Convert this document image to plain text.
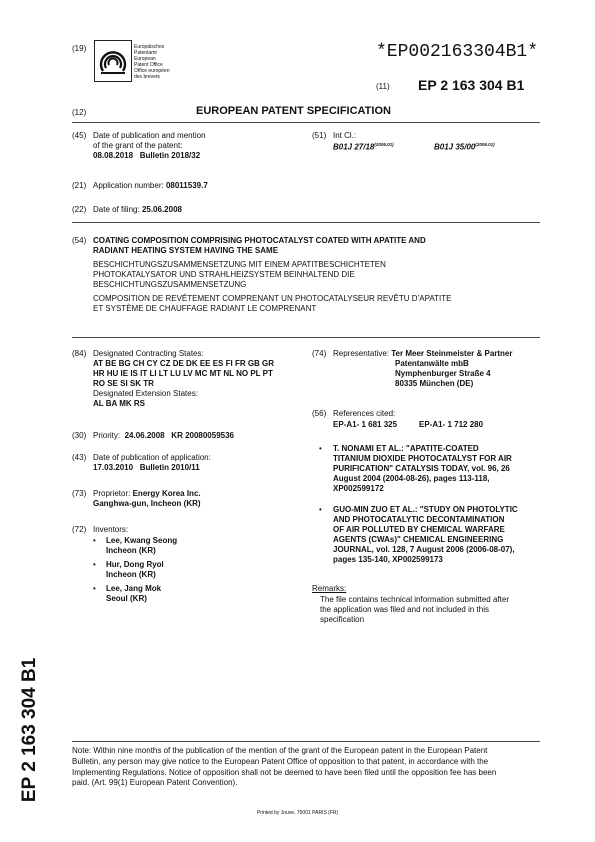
(19)	Europäisches
Patentamt
European
Patent Office
Office européen
des brevets
*EP002163304B1*
(11) EP 2 163 304 B1
(12)	EUROPEAN PATENT SPECIFICATION
(45) Date of publication and mention
of the grant of the patent:
08.08.2018   Bulletin 2018/32
(51) Int Cl.:
B01J $27/18^{(2006.01)}$	B01J $35/00^{(2006.01)}$
(21) Application number: 08011539.7
(22) Date of filing: 25.06.2008
(54) COATING COMPOSITION COMPRISING PHOTOCATALYST COATED WITH APATITE AND
RADIANT HEATING SYSTEM HAVING THE SAME
BESCHICHTUNGSZUSAMMENSETZUNG MIT EINEM APATITBESCHICHTETEN
PHOTOKATALYSATOR UND STRAHLHEIZSYSTEM BEINHALTEND DIE
BESCHICHTUNGSZUSAMMENSETZUNG
COMPOSITION DE REVÊTEMENT COMPRENANT UN PHOTOCATALYSEUR REVÊTU D’APATITE
ET SYSTÈME DE CHAUFFAGE RADIANT LE COMPRENANT
(84) Designated Contracting States:
AT BE BG CH CY CZ DE DK EE ES FI FR GB GR
HR HU IE IS IT LI LT LU LV MC MT NL NO PL PT
RO SE SI SK TR
Designated Extension States:
AL BA MK RS
(30) Priority: 24.06.2008   KR 20080059536
(43) Date of publication of application:
17.03.2010   Bulletin 2010/11
(73) Proprietor: Energy Korea Inc.
Ganghwa-gun, Incheon (KR)
(72) Inventors:
• Lee, Kwang Seong
Incheon (KR)
• Hur, Dong Ryol
Incheon (KR)
• Lee, Jang Mok
Seoul (KR)
(74) Representative: Ter Meer Steinmeister & Partner
Patentanwälte mbB
Nymphenburger Straße 4
80335 München (DE)
(56) References cited:
EP-A1- 1 681 325	EP-A1- 1 712 280
• T. NONAMI ET AL.: "APATITE-COATED
TITANIUM DIOXIDE PHOTOCATALYST FOR AIR
PURIFICATION" CATALYSIS TODAY, vol. 96, 26
August 2004 (2004-08-26), pages 113-118,
XP002599172
• GUO-MIN ZUO ET AL.: "STUDY ON PHOTOLYTIC
AND PHOTOCATALYTIC DECONTAMINATION
OF AIR POLLUTED BY CHEMICAL WARFARE
AGENTS (CWAs)" CHEMICAL ENGINEERING
JOURNAL, vol. 128, 7 August 2006 (2006-08-07),
pages 135-140, XP002599173
Remarks:
The file contains technical information submitted after
the application was filed and not included in this
specification
EP 2 163 304 B1	Note: Within nine months of the publication of the mention of the grant of the European patent in the European Patent
Bulletin, any person may give notice to the European Patent Office of opposition to that patent, in accordance with the
Implementing Regulations. Notice of opposition shall not be deemed to have been filed until the opposition fee has been
paid. (Art. 99(1) European Patent Convention).
Printed by Jouve, 75001 PARIS (FR)
